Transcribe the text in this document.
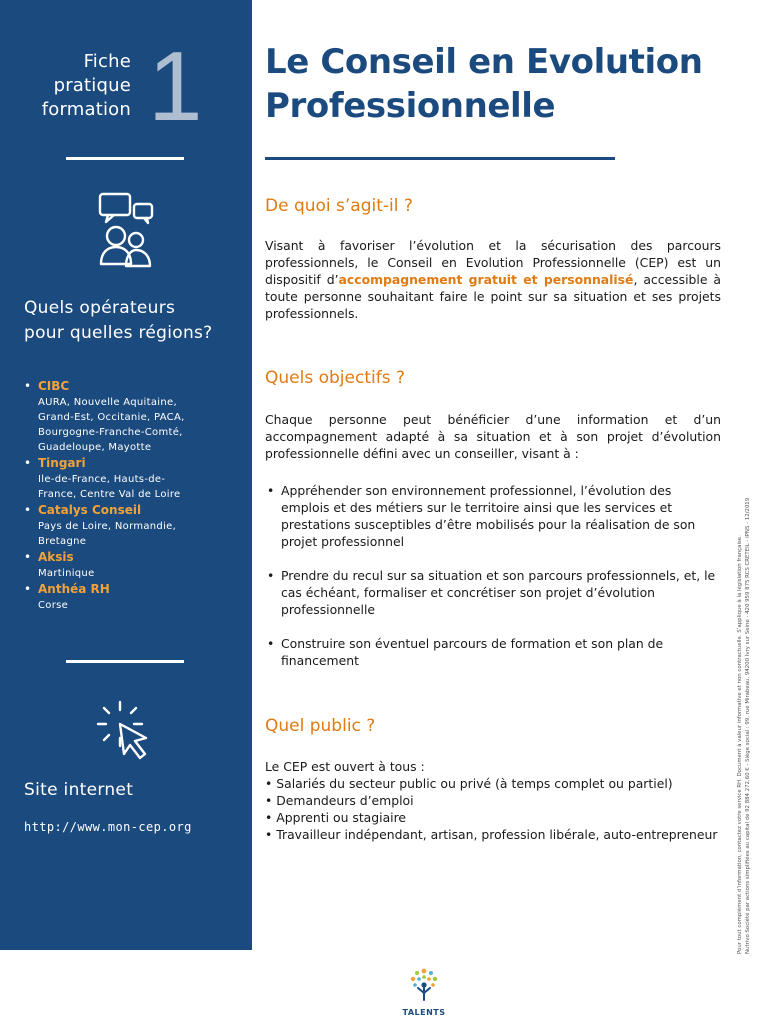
Fiche
pratique
formation 1
Quels opérateurs
pour quelles régions?
• CIBC
AURA, Nouvelle Aquitaine,
Grand-Est, Occitanie, PACA,
Bourgogne-Franche-Comté,
Guadeloupe, Mayotte
• Tingari
Ile-de-France, Hauts-de-
France, Centre Val de Loire
• Catalys Conseil
Pays de Loire, Normandie,
Bretagne
• Aksis
Martinique
• Anthéa RH
Corse
Site internet
http://www.mon-cep.org
Le Conseil en Evolution
Professionnelle
De quoi s’agit-il ?

Visant à favoriser l’évolution et la sécurisation des parcours professionnels, le Conseil en Evolution Professionnelle (CEP) est un dispositif d’accompagnement gratuit et personnalisé, accessible à toute personne souhaitant faire le point sur sa situation et ses projets professionnels.

Quels objectifs ?

Chaque personne peut bénéficier d’une information et d’un accompagnement adapté à sa situation et à son projet d’évolution professionnelle défini avec un conseiller, visant à :

• Appréhender son environnement professionnel, l’évolution des emplois et des métiers sur le territoire ainsi que les services et prestations susceptibles d’être mobilisés pour la réalisation de son projet professionnel
• Prendre du recul sur sa situation et son parcours professionnels, et, le cas échéant, formaliser et concrétiser son projet d’évolution professionnelle
• Construire son éventuel parcours de formation et son plan de financement
Quel public ?
Le CEP est ouvert à tous :
• Salariés du secteur public ou privé (à temps complet ou partiel)
• Demandeurs d’emploi
• Apprenti ou stagiaire
• Travailleur indépendant, artisan, profession libérale, auto-entrepreneur	Pour tout complément d’information, contactez votre service RH. Document à valeur informative et non contractuelle. S’applique à la législation française. Nutrivo Société par actions simplifiées au capital de 92 884 272,60 € - Siège social : 99, rue Mirabeau, 94200 Ivry sur Seine - 420 959 875 RCS CRETEIL - IPNS - 12/2019
TALENTS
